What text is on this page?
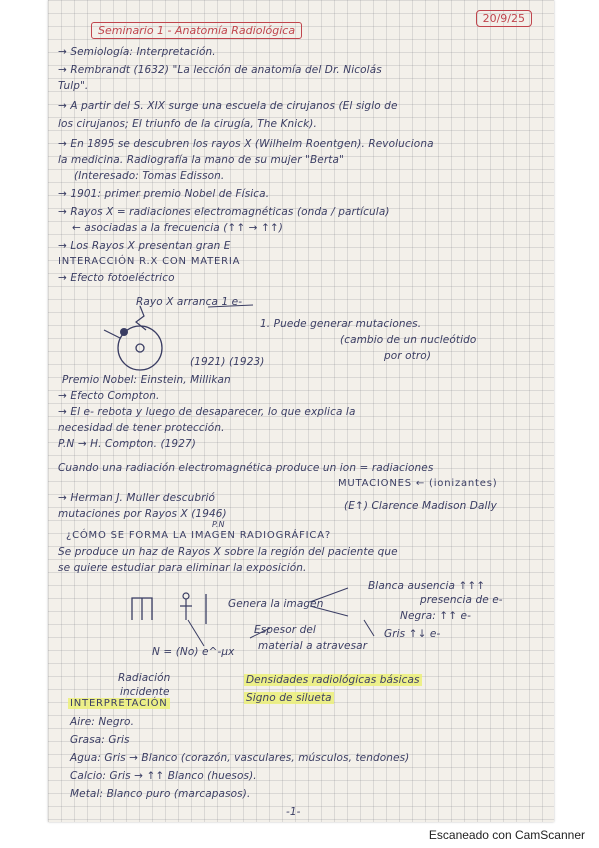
20/9/25
Seminario 1 - Anatomía Radiológica
→ Semiología: Interpretación.
→ Rembrandt (1632) "La lección de anatomía del Dr. Nicolás
Tulp".
→ A partir del S. XIX surge una escuela de cirujanos (El siglo de
los cirujanos; El triunfo de la cirugía, The Knick).
→ En 1895 se descubren los rayos X (Wilhelm Roentgen). Revoluciona
la medicina. Radiografía la mano de su mujer "Berta"
(Interesado: Tomas Edisson.
→ 1901: primer premio Nobel de Física.
→ Rayos X = radiaciones electromagnéticas (onda / partícula)
← asociadas a la frecuencia (↑↑ → ↑↑)
→ Los Rayos X presentan gran E
INTERACCIÓN R.X CON MATERIA
→ Efecto fotoeléctrico
Rayo X arranca 1 e-
1. Puede generar mutaciones.
(cambio de un nucleótido
por otro)
(1921) (1923)
Premio Nobel: Einstein, Millikan
→ Efecto Compton.
→ El e- rebota y luego de desaparecer, lo que explica la
necesidad de tener protección.
P.N → H. Compton. (1927)
Cuando una radiación electromagnética produce un ion = radiaciones
MUTACIONES ← (ionizantes)
→ Herman J. Muller descubrió
mutaciones por Rayos X (1946)
P.N
(E↑) Clarence Madison Dally
¿CÓMO SE FORMA LA IMAGEN RADIOGRÁFICA?
Se produce un haz de Rayos X sobre la región del paciente que
se quiere estudiar para eliminar la exposición.
Genera la imagen
Blanca ausencia ↑↑↑
presencia de e-
Negra: ↑↑ e-
Gris ↑↓ e-
Espesor del
material a atravesar
N = (No) e^-μx
Radiación
incidente
Densidades radiológicas básicas
Signo de silueta
INTERPRETACIÓN
Aire: Negro.
Grasa: Gris
Agua: Gris → Blanco (corazón, vasculares, músculos, tendones)
Calcio: Gris → ↑↑ Blanco (huesos).
Metal: Blanco puro (marcapasos).
-1-
Escaneado con CamScanner
